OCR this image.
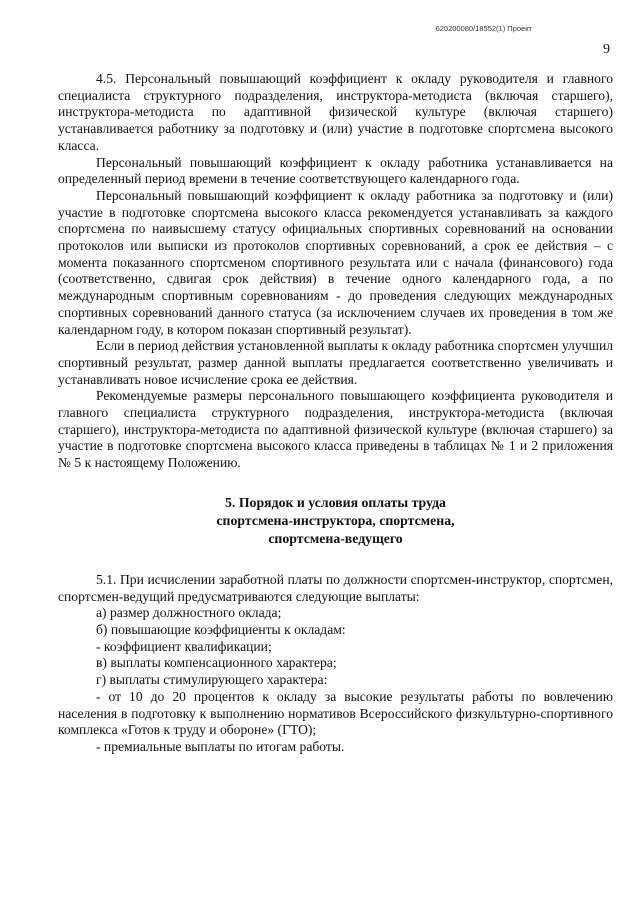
620200080/18552(1) Проект
9

4.5. Персональный повышающий коэффициент к окладу руководителя и главного специалиста структурного подразделения, инструктора-методиста (включая старшего), инструктора-методиста по адаптивной физической культуре (включая старшего) устанавливается работнику за подготовку и (или) участие в подготовке спортсмена высокого класса.

Персональный повышающий коэффициент к окладу работника устанавливается на определенный период времени в течение соответствующего календарного года.

Персональный повышающий коэффициент к окладу работника за подготовку и (или) участие в подготовке спортсмена высокого класса рекомендуется устанавливать за каждого спортсмена по наивысшему статусу официальных спортивных соревнований на основании протоколов или выписки из протоколов спортивных соревнований, а срок ее действия – с момента показанного спортсменом спортивного результата или с начала (финансового) года (соответственно, сдвигая срок действия) в течение одного календарного года, а по международным спортивным соревнованиям - до проведения следующих международных спортивных соревнований данного статуса (за исключением случаев их проведения в том же календарном году, в котором показан спортивный результат).

Если в период действия установленной выплаты к окладу работника спортсмен улучшил спортивный результат, размер данной выплаты предлагается соответственно увеличивать и устанавливать новое исчисление срока ее действия.

Рекомендуемые размеры персонального повышающего коэффициента руководителя и главного специалиста структурного подразделения, инструктора-методиста (включая старшего), инструктора-методиста по адаптивной физической культуре (включая старшего) за участие в подготовке спортсмена высокого класса приведены в таблицах № 1 и 2 приложения № 5 к настоящему Положению.

5. Порядок и условия оплаты труда
спортсмена-инструктора, спортсмена,
спортсмена-ведущего

5.1. При исчислении заработной платы по должности спортсмен-инструктор, спортсмен, спортсмен-ведущий предусматриваются следующие выплаты:

а) размер должностного оклада;

б) повышающие коэффициенты к окладам:

- коэффициент квалификации;

в) выплаты компенсационного характера;

г) выплаты стимулирующего характера:

- от 10 до 20 процентов к окладу за высокие результаты работы по вовлечению населения в подготовку к выполнению нормативов Всероссийского физкультурно-спортивного комплекса «Готов к труду и обороне» (ГТО);

- премиальные выплаты по итогам работы.
